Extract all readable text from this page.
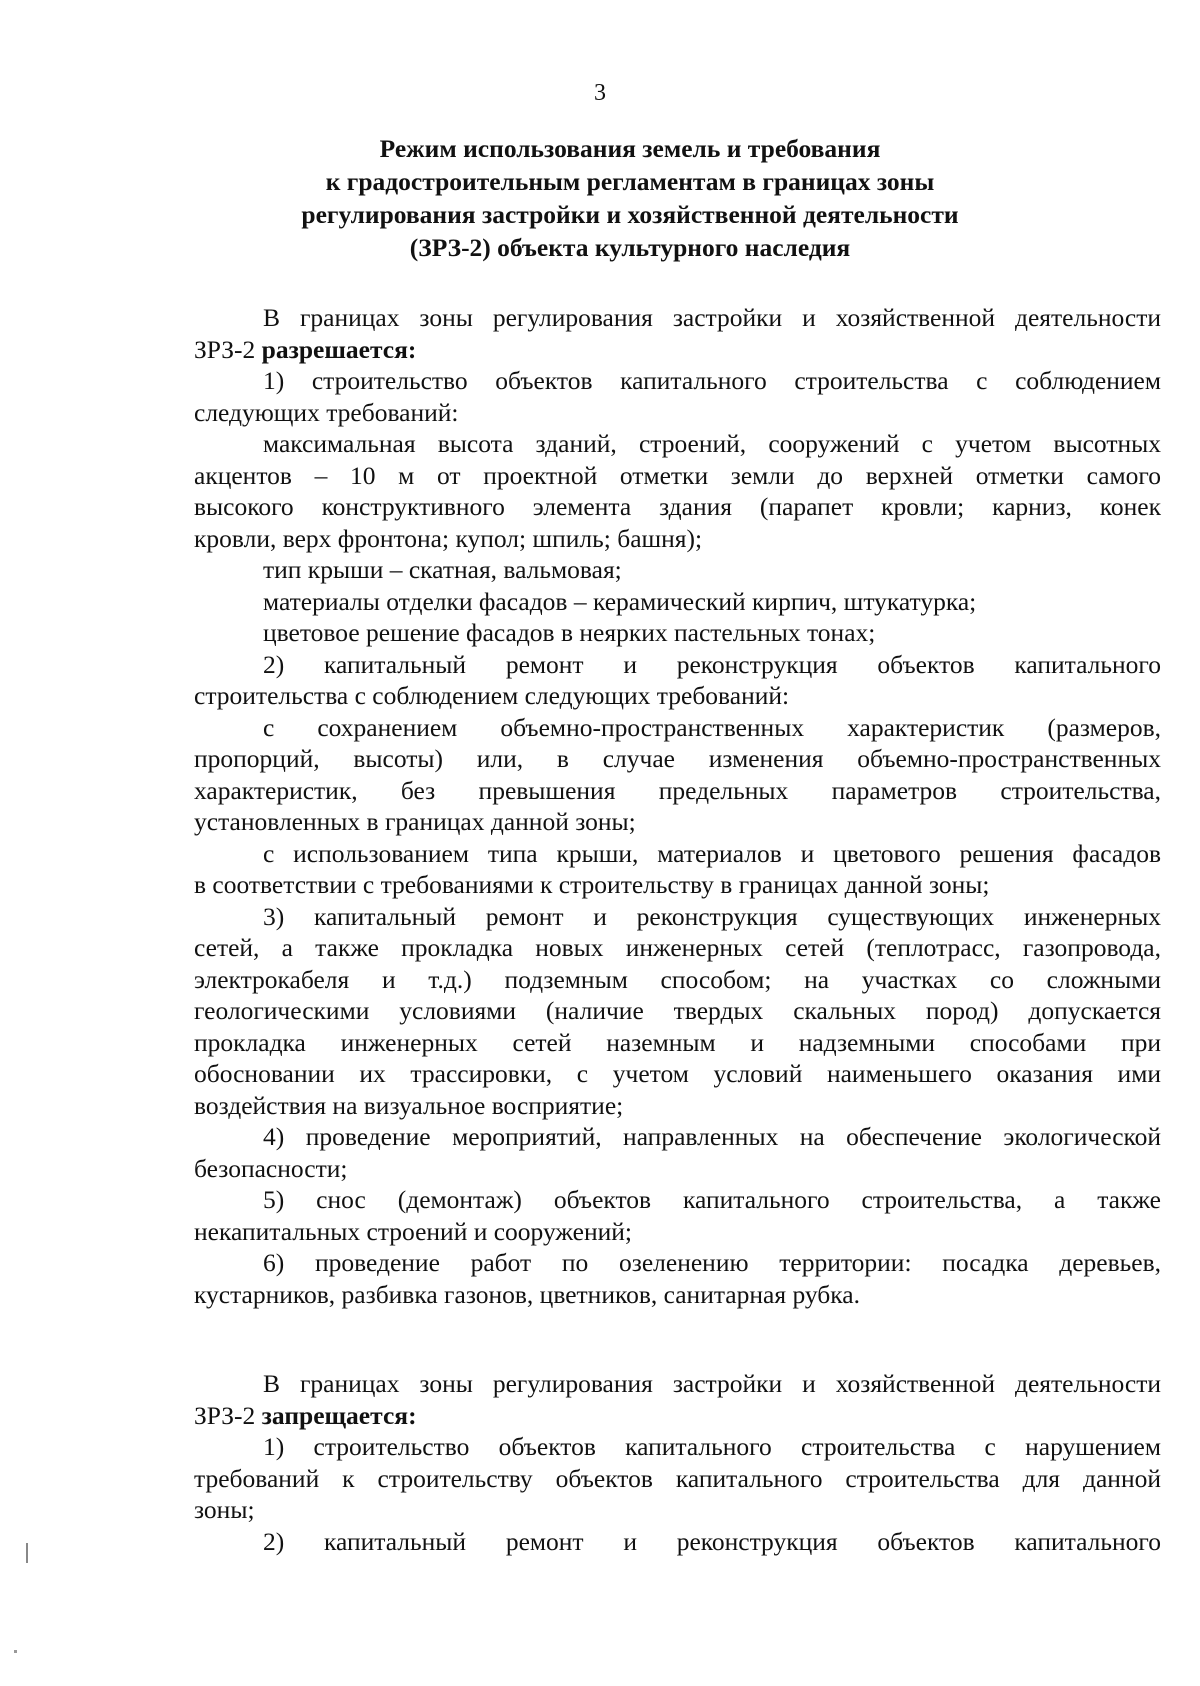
3
Режим использования земель и требования
к градостроительным регламентам в границах зоны
регулирования застройки и хозяйственной деятельности
(ЗРЗ-2) объекта культурного наследия
В границах зоны регулирования застройки и хозяйственной деятельности
ЗРЗ-2 разрешается:
1) строительство объектов капитального строительства с соблюдением
следующих требований:
максимальная высота зданий, строений, сооружений с учетом высотных
акцентов – 10 м от проектной отметки земли до верхней отметки самого
высокого конструктивного элемента здания (парапет кровли; карниз, конек
кровли, верх фронтона; купол; шпиль; башня);
тип крыши – скатная, вальмовая;
материалы отделки фасадов – керамический кирпич, штукатурка;
цветовое решение фасадов в неярких пастельных тонах;
2) капитальный ремонт и реконструкция объектов капитального
строительства с соблюдением следующих требований:
с сохранением объемно-пространственных характеристик (размеров,
пропорций, высоты) или, в случае изменения объемно-пространственных
характеристик, без превышения предельных параметров строительства,
установленных в границах данной зоны;
с использованием типа крыши, материалов и цветового решения фасадов
в соответствии с требованиями к строительству в границах данной зоны;
3) капитальный ремонт и реконструкция существующих инженерных
сетей, а также прокладка новых инженерных сетей (теплотрасс, газопровода,
электрокабеля и т.д.) подземным способом; на участках со сложными
геологическими условиями (наличие твердых скальных пород) допускается
прокладка инженерных сетей наземным и надземными способами при
обосновании их трассировки, с учетом условий наименьшего оказания ими
воздействия на визуальное восприятие;
4) проведение мероприятий, направленных на обеспечение экологической
безопасности;
5) снос (демонтаж) объектов капитального строительства, а также
некапитальных строений и сооружений;
6) проведение работ по озеленению территории: посадка деревьев,
кустарников, разбивка газонов, цветников, санитарная рубка.
В границах зоны регулирования застройки и хозяйственной деятельности
ЗРЗ-2 запрещается:
1) строительство объектов капитального строительства с нарушением
требований к строительству объектов капитального строительства для данной
зоны;
2) капитальный ремонт и реконструкция объектов капитального
